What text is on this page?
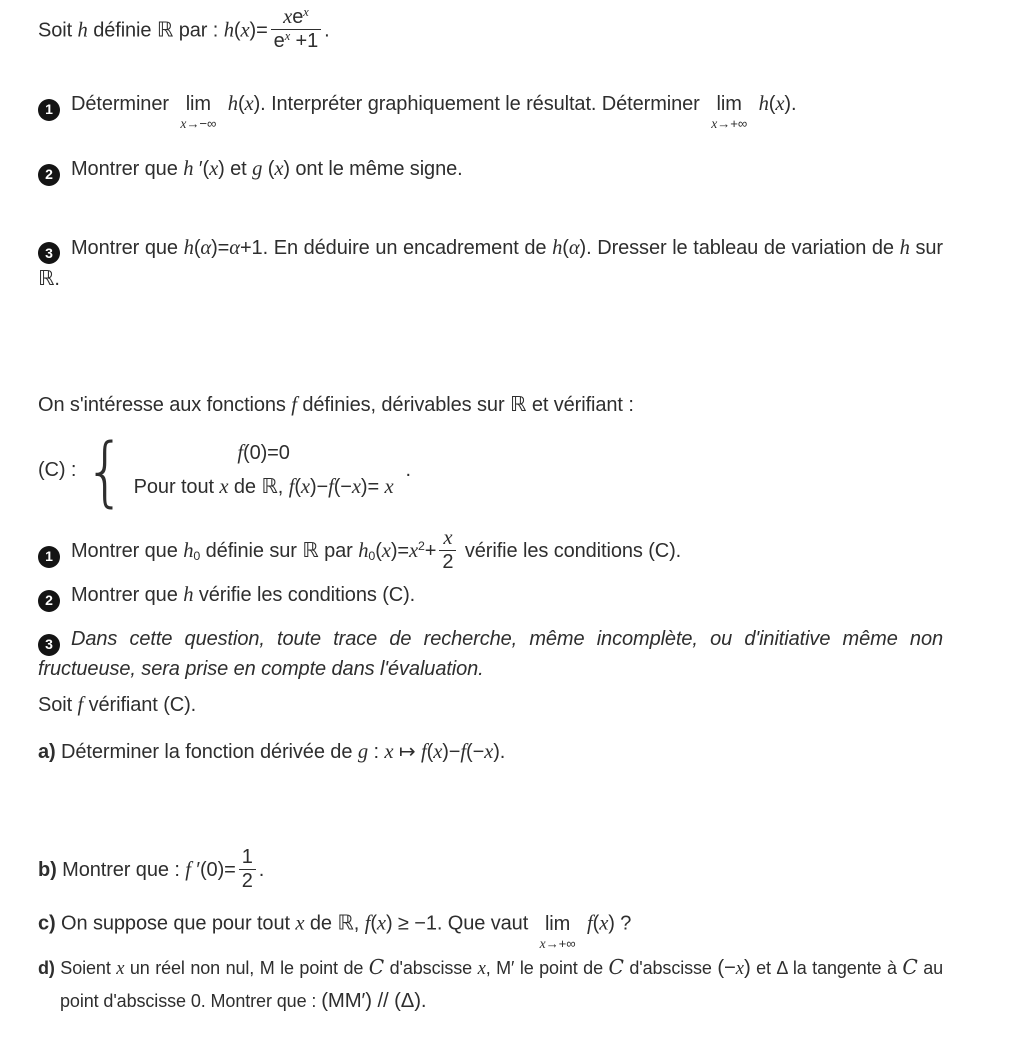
Soit h définie ℝ par : $h(x)= \frac{xe^x}{e^x +1}$ .
1 Déterminer lim
x→−∞
h(x). Interpréter graphiquement le résultat. Déterminer lim
x→+∞
h(x).
2 Montrer que h ′(x) et g (x) ont le même signe.
3 Montrer que h(α)=α+1. En déduire un encadrement de h(α). Dresser le tableau de variation de h sur ℝ.
On s'intéresse aux fonctions f définies, dérivables sur ℝ et vérifiant :
(C) : {	f(0)=0
Pour tout x de ℝ, f(x)−f(−x)= x
.
1 Montrer que h0 définie sur ℝ par $h0(x)=x^2+ \frac{x}{2}$ vérifie les conditions (C).
2 Montrer que h vérifie les conditions (C).
3 Dans cette question, toute trace de recherche, même incomplète, ou d'initiative même non fructueuse, sera prise en compte dans l'évaluation.
Soit f vérifiant (C).
a) Déterminer la fonction dérivée de g : x ↦ f(x)−f(−x).
b) Montrer que : f $'(0)= \frac{1}{2}$ .
c) On suppose que pour tout x de ℝ, f(x) ≥ −1. Que vaut lim
x→+∞
f(x) ?
d) Soient x un réel non nul, M le point de C d'abscisse x, M′ le point de C d'abscisse (−x) et Δ la tangente à C au point d'abscisse 0. Montrer que : (MM′) // (Δ).
